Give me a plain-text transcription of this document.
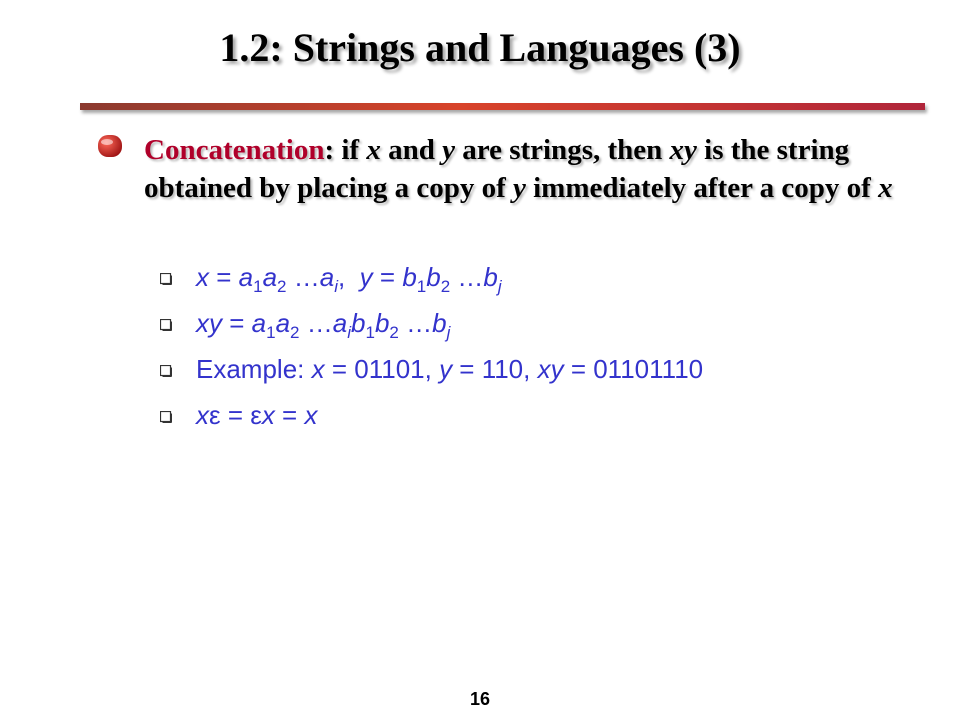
1.2: Strings and Languages (3)
Concatenation: if x and y are strings, then xy is the string obtained by placing a copy of y immediately after a copy of x
$x = a_1a_2$ $\dots a_i$,  $y = b_1b_2$ $\dots b_j$
xy = $a_1a_2$ $\dots a_ib_1b_2$ $\dots b_j$
Example: x = 01101, y = 110, xy = 01101110
xε = εx = x
16
